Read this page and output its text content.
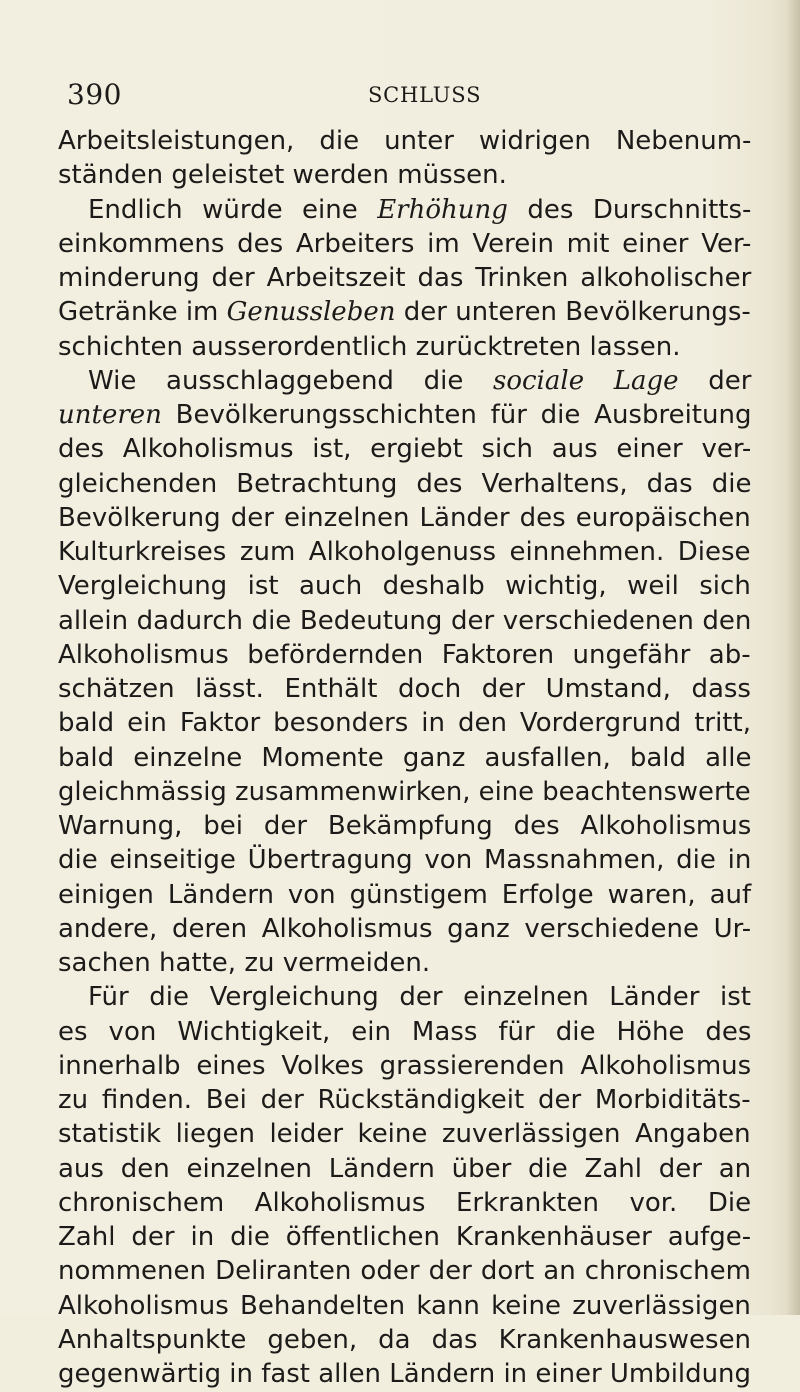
390	SCHLUSS
Arbeitsleistungen, die unter widrigen Nebenum-
ständen geleistet werden müssen.
Endlich würde eine Erhöhung des Durschnitts-
einkommens des Arbeiters im Verein mit einer Ver-
minderung der Arbeitszeit das Trinken alkoholischer
Getränke im Genussleben der unteren Bevölkerungs-
schichten ausserordentlich zurücktreten lassen.
Wie ausschlaggebend die sociale Lage der
unteren Bevölkerungsschichten für die Ausbreitung
des Alkoholismus ist, ergiebt sich aus einer ver-
gleichenden Betrachtung des Verhaltens, das die
Bevölkerung der einzelnen Länder des europäischen
Kulturkreises zum Alkoholgenuss einnehmen. Diese
Vergleichung ist auch deshalb wichtig, weil sich
allein dadurch die Bedeutung der verschiedenen den
Alkoholismus befördernden Faktoren ungefähr ab-
schätzen lässt. Enthält doch der Umstand, dass
bald ein Faktor besonders in den Vordergrund tritt,
bald einzelne Momente ganz ausfallen, bald alle
gleichmässig zusammenwirken, eine beachtenswerte
Warnung, bei der Bekämpfung des Alkoholismus
die einseitige Übertragung von Massnahmen, die in
einigen Ländern von günstigem Erfolge waren, auf
andere, deren Alkoholismus ganz verschiedene Ur-
sachen hatte, zu vermeiden.
Für die Vergleichung der einzelnen Länder ist
es von Wichtigkeit, ein Mass für die Höhe des
innerhalb eines Volkes grassierenden Alkoholismus
zu finden. Bei der Rückständigkeit der Morbiditäts-
statistik liegen leider keine zuverlässigen Angaben
aus den einzelnen Ländern über die Zahl der an
chronischem Alkoholismus Erkrankten vor. Die
Zahl der in die öffentlichen Krankenhäuser aufge-
nommenen Deliranten oder der dort an chronischem
Alkoholismus Behandelten kann keine zuverlässigen
Anhaltspunkte geben, da das Krankenhauswesen
gegenwärtig in fast allen Ländern in einer Umbildung
